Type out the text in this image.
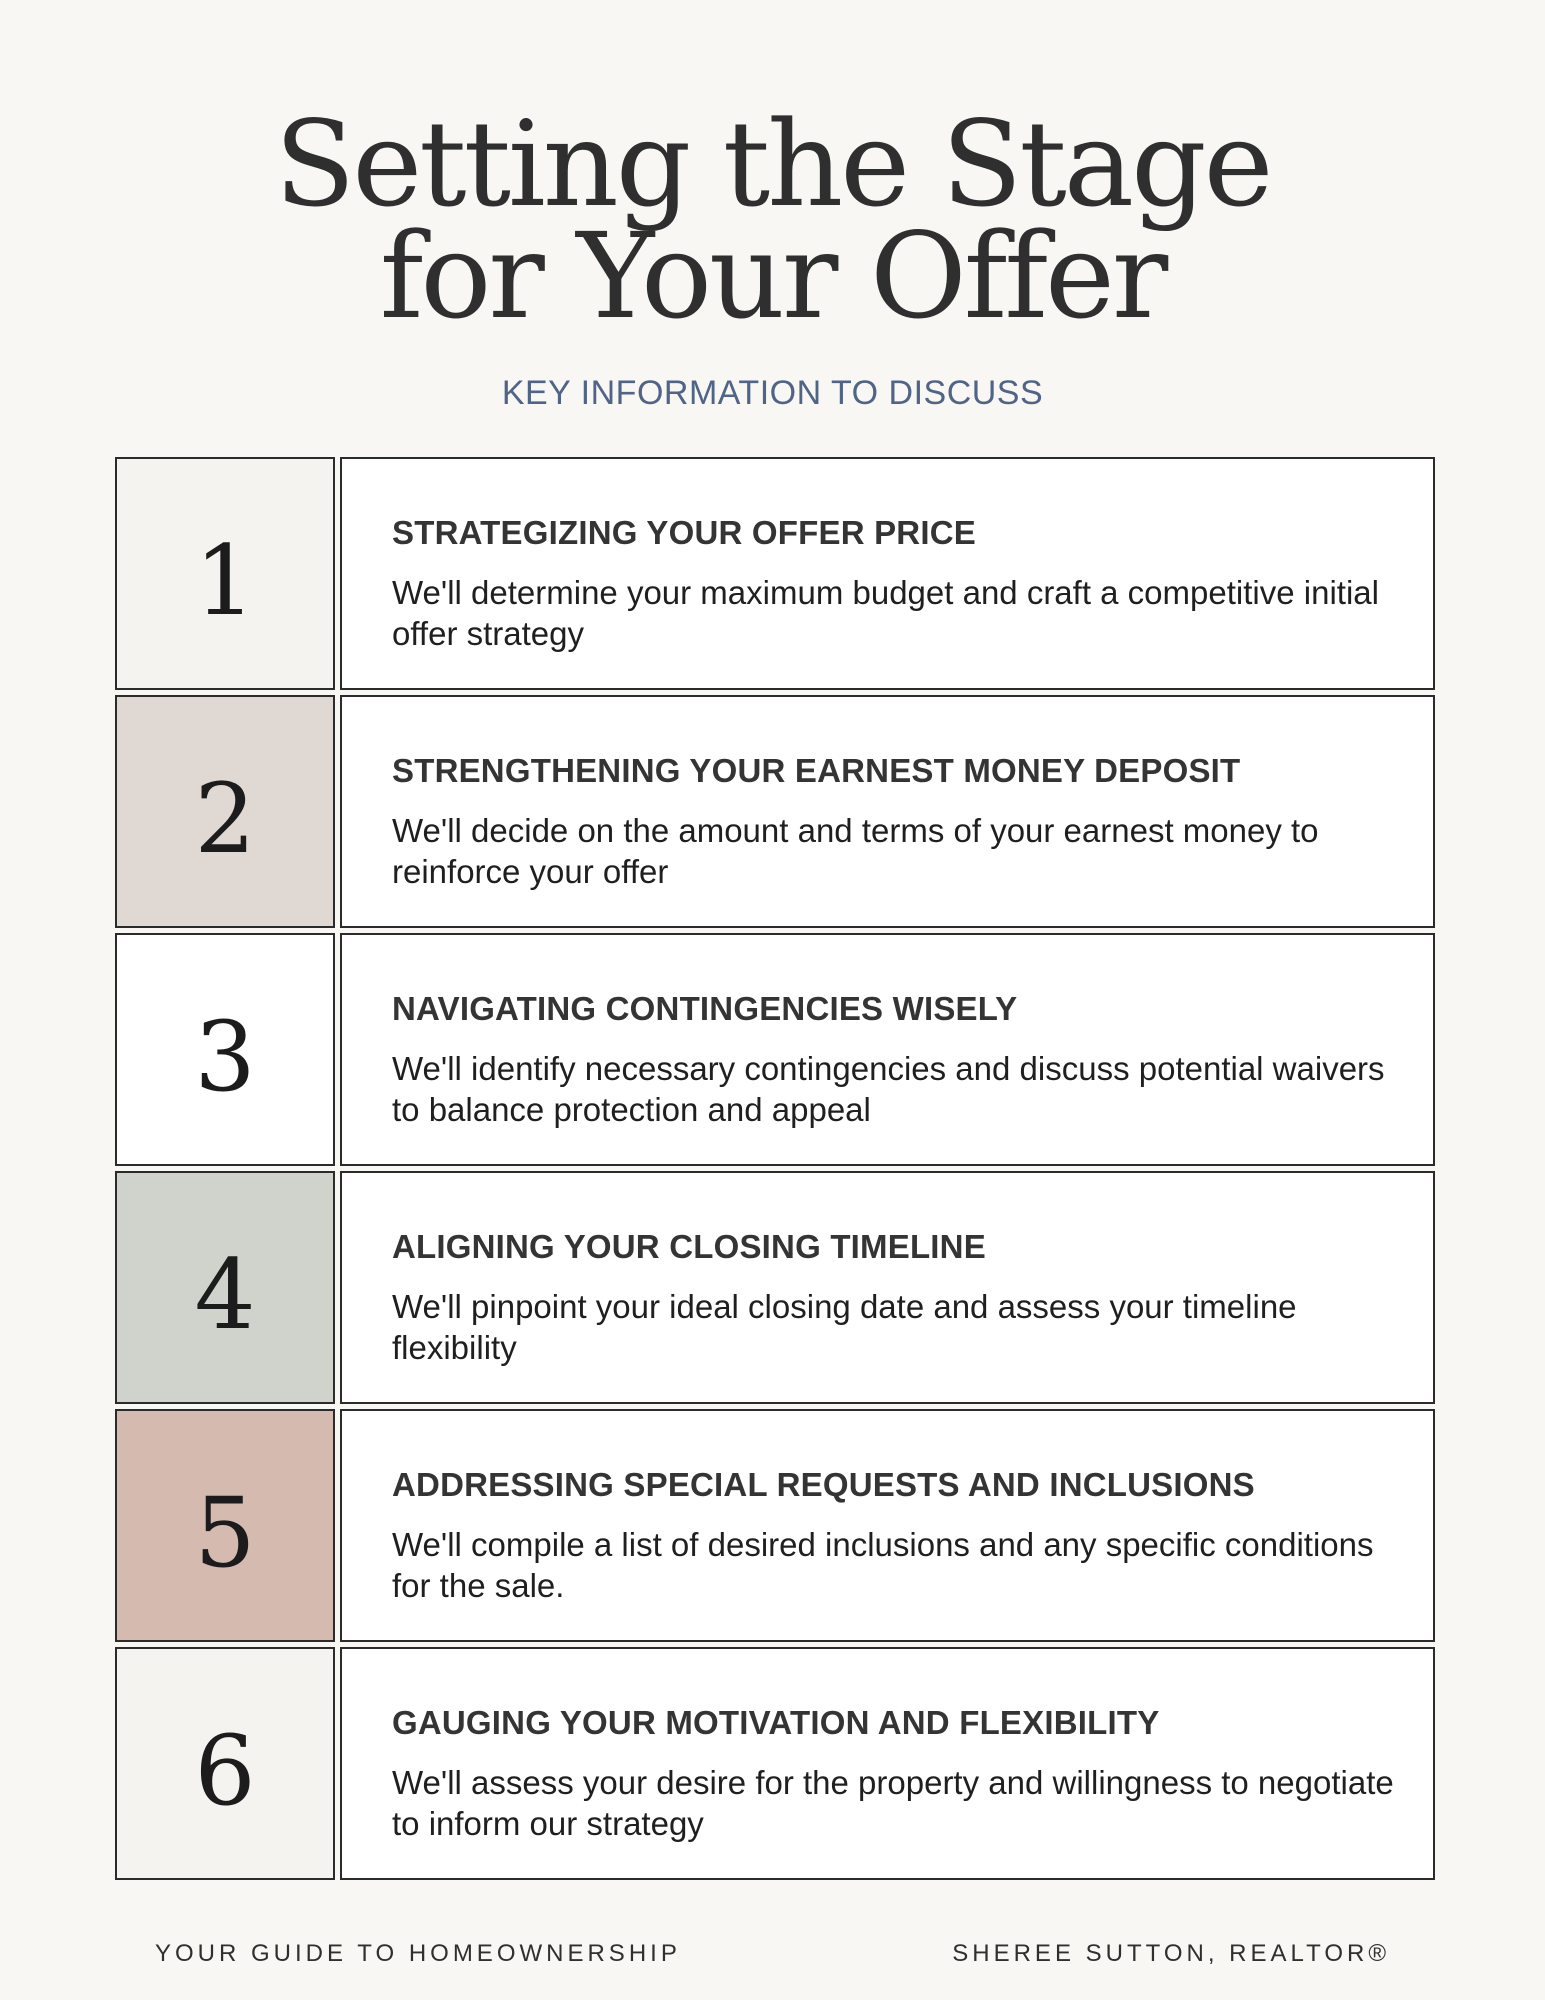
Setting the Stage
for Your Offer
KEY INFORMATION TO DISCUSS
1	STRATEGIZING YOUR OFFER PRICE
We'll determine your maximum budget and craft a competitive initial offer strategy
2	STRENGTHENING YOUR EARNEST MONEY DEPOSIT
We'll decide on the amount and terms of your earnest money to reinforce your offer
3	NAVIGATING CONTINGENCIES WISELY
We'll identify necessary contingencies and discuss potential waivers to balance protection and appeal
4	ALIGNING YOUR CLOSING TIMELINE
We'll pinpoint your ideal closing date and assess your timeline flexibility
5	ADDRESSING SPECIAL REQUESTS AND INCLUSIONS
We'll compile a list of desired inclusions and any specific conditions for the sale.
6	GAUGING YOUR MOTIVATION AND FLEXIBILITY
We'll assess your desire for the property and willingness to negotiate to inform our strategy
YOUR GUIDE TO HOMEOWNERSHIP	SHEREE SUTTON, REALTOR®
